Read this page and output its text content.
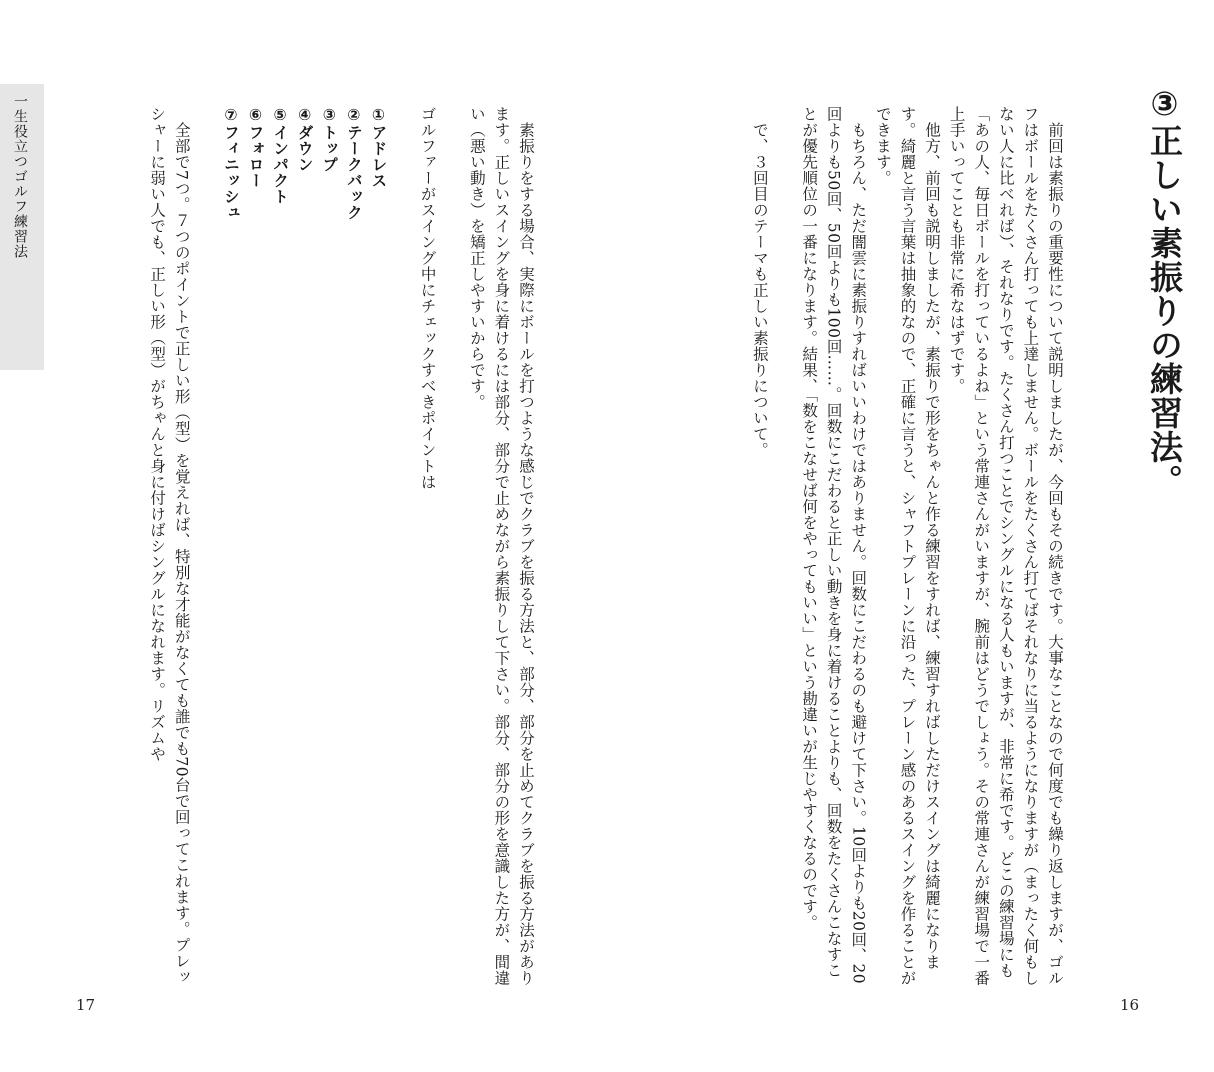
一生役立つゴルフ練習法	素振りをする場合、実際にボールを打つような感じでクラブを振る方法と、部分、部分を止めてクラブを振る方法があります。正しいスイングを身に着けるには部分、部分で止めながら素振りして下さい。部分、部分の形を意識した方が、間違い（悪い動き）を矯正しやすいからです。

ゴルファーがスイング中にチェックすべきポイントは

①アドレス

②テークバック

③トップ

④ダウン

⑤インパクト

⑥フォロー

⑦フィニッシュ

全部で7つ。７つのポイントで正しい形（型）を覚えれば、特別な才能がなくても誰でも70台で回ってこれます。プレッシャーに弱い人でも、正しい形（型）がちゃんと身に付けばシングルになれます。リズムや

17
③正しい素振りの練習法。

前回は素振りの重要性について説明しましたが、今回もその続きです。大事なことなので何度でも繰り返しますが、ゴルフはボールをたくさん打っても上達しません。ボールをたくさん打てばそれなりに当るようになりますが（まったく何もしない人に比べれば）、それなりです。たくさん打つことでシングルになる人もいますが、非常に希です。どこの練習場にも「あの人、毎日ボールを打っているよね」という常連さんがいますが、腕前はどうでしょう。その常連さんが練習場で一番上手いってことも非常に希なはずです。

他方、前回も説明しましたが、素振りで形をちゃんと作る練習をすれば、練習すればしただけスイングは綺麗になります。綺麗と言う言葉は抽象的なので、正確に言うと、シャフトプレーンに沿った、プレーン感のあるスイングを作ることができます。

もちろん、ただ闇雲に素振りすればいいわけではありません。回数にこだわるのも避けて下さい。10回よりも20回、20回よりも50回、50回よりも100回……。回数にこだわると正しい動きを身に着けることよりも、回数をたくさんこなすことが優先順位の一番になります。結果、「数をこなせば何をやってもいい」という勘違いが生じやすくなるのです。

で、３回目のテーマも正しい素振りについて。

16
